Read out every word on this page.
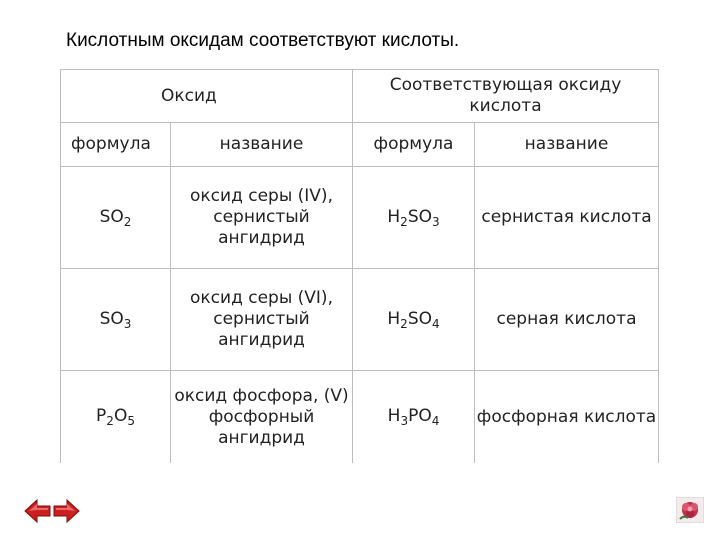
Кислотным оксидам соответствуют кислоты.
Оксид		Соответствующая оксиду кислота	
формула	название	формула	название
$SO_2$	оксид серы (IV), сернистый ангидрид	$H_2SO_3$	сернистая кислота
$SO_3$	оксид серы (VI), сернистый ангидрид	$H_2SO_4$	серная кислота
$P_2O_5$	оксид фосфора, (V) фосфорный ангидрид	$H_3PO_4$	фосфорная кислота
